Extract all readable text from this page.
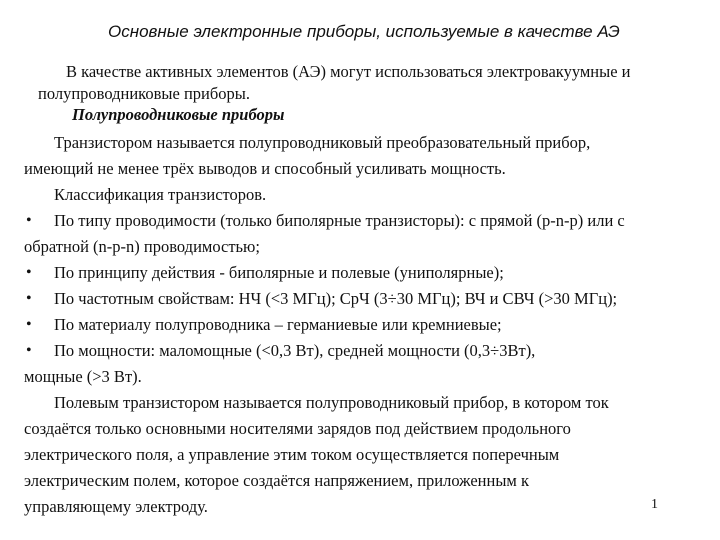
Основные электронные приборы, используемые в качестве АЭ
В качестве активных элементов (АЭ) могут использоваться электровакуумные и
полупроводниковые приборы.
Полупроводниковые приборы
Транзистором называется полупроводниковый преобразовательный прибор,
имеющий не менее трёх выводов и способный усиливать мощность.
Классификация транзисторов.
• По типу проводимости (только биполярные транзисторы): с прямой (p-n-p) или с
обратной (n-p-n) проводимостью;
• По принципу действия - биполярные и полевые (униполярные);
• По частотным свойствам: НЧ (<3 МГц); СрЧ (3÷30 МГц); ВЧ и СВЧ (>30 МГц);
• По материалу полупроводника – германиевые или кремниевые;
• По мощности: маломощные (<0,3 Вт), средней мощности (0,3÷3Вт),
мощные (>3 Вт).
Полевым транзистором называется полупроводниковый прибор, в котором ток
создаётся только основными носителями зарядов под действием продольного
электрического поля, а управление этим током осуществляется поперечным
электрическим полем, которое создаётся напряжением, приложенным к
управляющему электроду.	1
